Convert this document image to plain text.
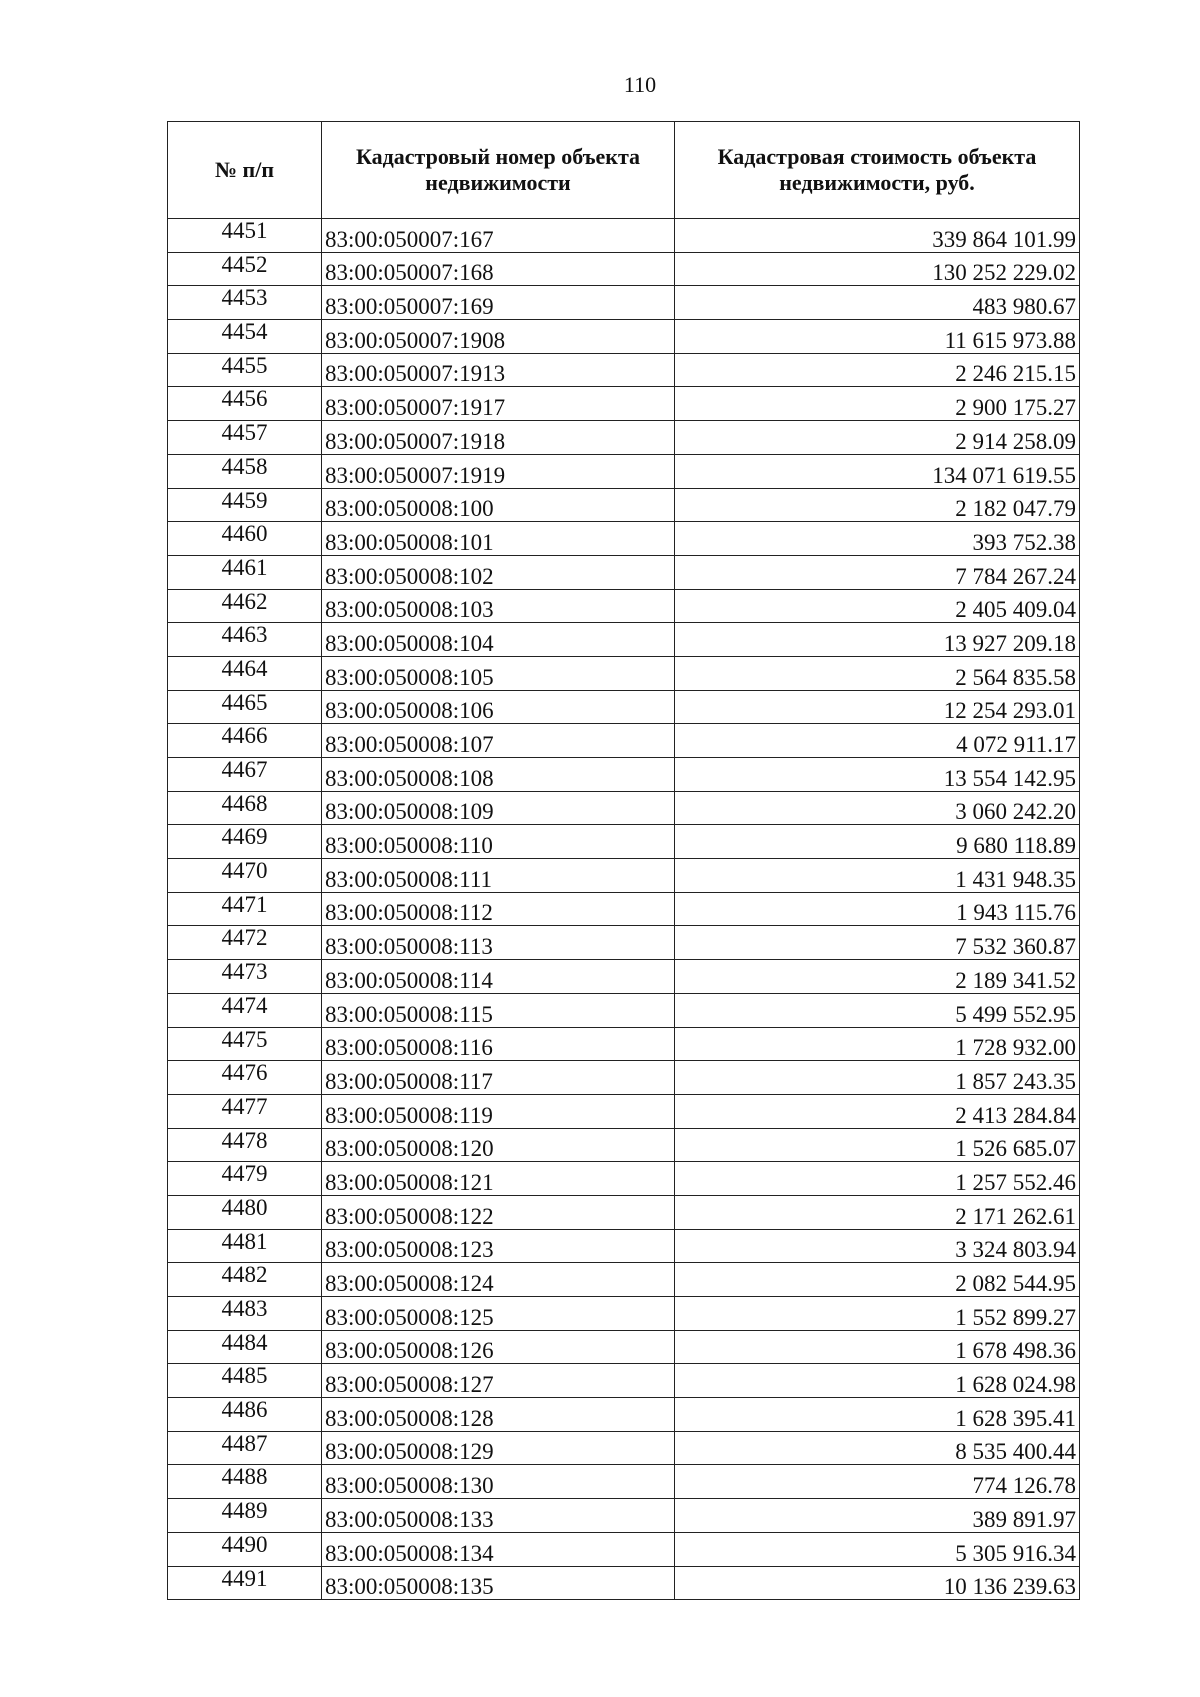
110
№ п/п	Кадастровый номер объекта недвижимости	Кадастровая стоимость объекта недвижимости, руб.
4451	83:00:050007:167	339 864 101.99
4452	83:00:050007:168	130 252 229.02
4453	83:00:050007:169	483 980.67
4454	83:00:050007:1908	11 615 973.88
4455	83:00:050007:1913	2 246 215.15
4456	83:00:050007:1917	2 900 175.27
4457	83:00:050007:1918	2 914 258.09
4458	83:00:050007:1919	134 071 619.55
4459	83:00:050008:100	2 182 047.79
4460	83:00:050008:101	393 752.38
4461	83:00:050008:102	7 784 267.24
4462	83:00:050008:103	2 405 409.04
4463	83:00:050008:104	13 927 209.18
4464	83:00:050008:105	2 564 835.58
4465	83:00:050008:106	12 254 293.01
4466	83:00:050008:107	4 072 911.17
4467	83:00:050008:108	13 554 142.95
4468	83:00:050008:109	3 060 242.20
4469	83:00:050008:110	9 680 118.89
4470	83:00:050008:111	1 431 948.35
4471	83:00:050008:112	1 943 115.76
4472	83:00:050008:113	7 532 360.87
4473	83:00:050008:114	2 189 341.52
4474	83:00:050008:115	5 499 552.95
4475	83:00:050008:116	1 728 932.00
4476	83:00:050008:117	1 857 243.35
4477	83:00:050008:119	2 413 284.84
4478	83:00:050008:120	1 526 685.07
4479	83:00:050008:121	1 257 552.46
4480	83:00:050008:122	2 171 262.61
4481	83:00:050008:123	3 324 803.94
4482	83:00:050008:124	2 082 544.95
4483	83:00:050008:125	1 552 899.27
4484	83:00:050008:126	1 678 498.36
4485	83:00:050008:127	1 628 024.98
4486	83:00:050008:128	1 628 395.41
4487	83:00:050008:129	8 535 400.44
4488	83:00:050008:130	774 126.78
4489	83:00:050008:133	389 891.97
4490	83:00:050008:134	5 305 916.34
4491	83:00:050008:135	10 136 239.63
